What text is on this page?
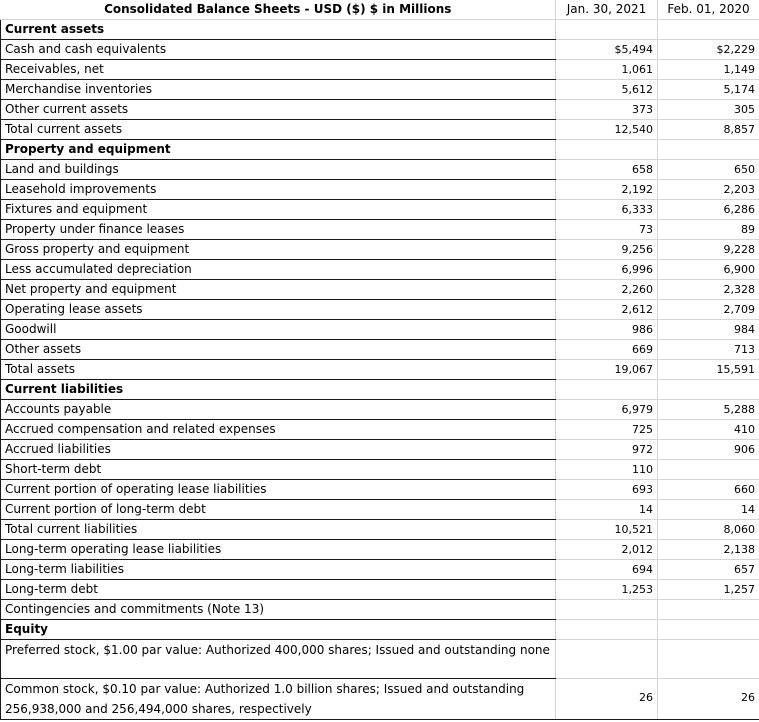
Consolidated Balance Sheets - USD ($) $ in Millions	Jan. 30, 2021	Feb. 01, 2020
Current assets		
Cash and cash equivalents	$5,494	$2,229
Receivables, net	1,061	1,149
Merchandise inventories	5,612	5,174
Other current assets	373	305
Total current assets	12,540	8,857
Property and equipment		
Land and buildings	658	650
Leasehold improvements	2,192	2,203
Fixtures and equipment	6,333	6,286
Property under finance leases	73	89
Gross property and equipment	9,256	9,228
Less accumulated depreciation	6,996	6,900
Net property and equipment	2,260	2,328
Operating lease assets	2,612	2,709
Goodwill	986	984
Other assets	669	713
Total assets	19,067	15,591
Current liabilities		
Accounts payable	6,979	5,288
Accrued compensation and related expenses	725	410
Accrued liabilities	972	906
Short-term debt	110	
Current portion of operating lease liabilities	693	660
Current portion of long-term debt	14	14
Total current liabilities	10,521	8,060
Long-term operating lease liabilities	2,012	2,138
Long-term liabilities	694	657
Long-term debt	1,253	1,257
Contingencies and commitments (Note 13)		
Equity		
Preferred stock, $1.00 par value: Authorized 400,000 shares; Issued and outstanding none		
Common stock, $0.10 par value: Authorized 1.0 billion shares; Issued and outstanding 256,938,000 and 256,494,000 shares, respectively	26	26
